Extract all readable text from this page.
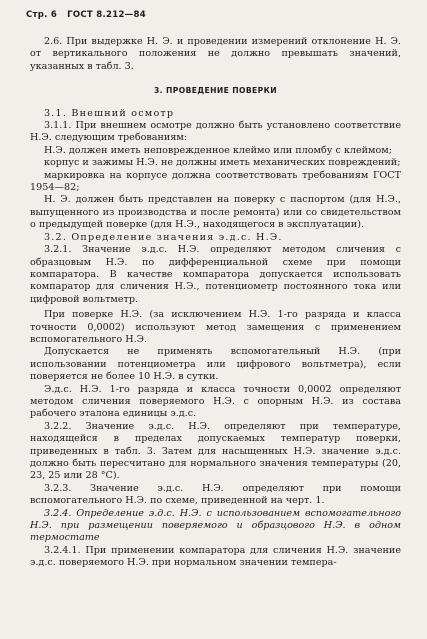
Стр. 6 ГОСТ 8.212—84

2.6. При выдержке Н. Э. и проведении измерений отклонение Н. Э. от вертикального положения не должно превышать значений, указанных в табл. 3.

3. ПРОВЕДЕНИЕ ПОВЕРКИ

3.1. Внешний осмотр

3.1.1. При внешнем осмотре должно быть установлено соответствие Н.Э. следующим требованиям:

Н.Э. должен иметь неповрежденное клеймо или пломбу с клеймом;

корпус и зажимы Н.Э. не должны иметь механических повреждений;

маркировка на корпусе должна соответствовать требованиям ГОСТ 1954—82;

Н. Э. должен быть представлен на поверку с паспортом (для Н.Э., выпущенного из производства и после ремонта) или со свидетельством о предыдущей поверке (для Н.Э., находящегося в эксплуатации).

3.2. Определение значения э.д.с. Н.Э.

3.2.1. Значение э.д.с. Н.Э. определяют методом сличения с образцовым Н.Э. по дифференциальной схеме при помощи компаратора. В качестве компаратора допускается использовать компаратор для сличения Н.Э., потенциометр постоянного тока или цифровой вольтметр.

При поверке Н.Э. (за исключением Н.Э. 1-го разряда и класса точности 0,0002) используют метод замещения с применением вспомогательного Н.Э.

Допускается не применять вспомогательный Н.Э. (при использовании потенциометра или цифрового вольтметра), если поверяется не более 10 Н.Э. в сутки.

Э.д.с. Н.Э. 1-го разряда и класса точности 0,0002 определяют методом сличения поверяемого Н.Э. с опорным Н.Э. из состава рабочего эталона единицы э.д.с.

3.2.2. Значение э.д.с. Н.Э. определяют при температуре, находящейся в пределах допускаемых температур поверки, приведенных в табл. 3. Затем для насыщенных Н.Э. значение э.д.с. должно быть пересчитано для нормального значения температуры (20, 23, 25 или 28 °С).

3.2.3. Значение э.д.с. Н.Э. определяют при помощи вспомогательного Н.Э. по схеме, приведенной на черт. 1.

3.2.4. Определение э.д.с. Н.Э. с использованием вспомогательного Н.Э. при размещении поверяемого и образцового Н.Э. в одном термостате

3.2.4.1. При применении компаратора для сличения Н.Э. значение э.д.с. поверяемого Н.Э. при нормальном значении темпера-
